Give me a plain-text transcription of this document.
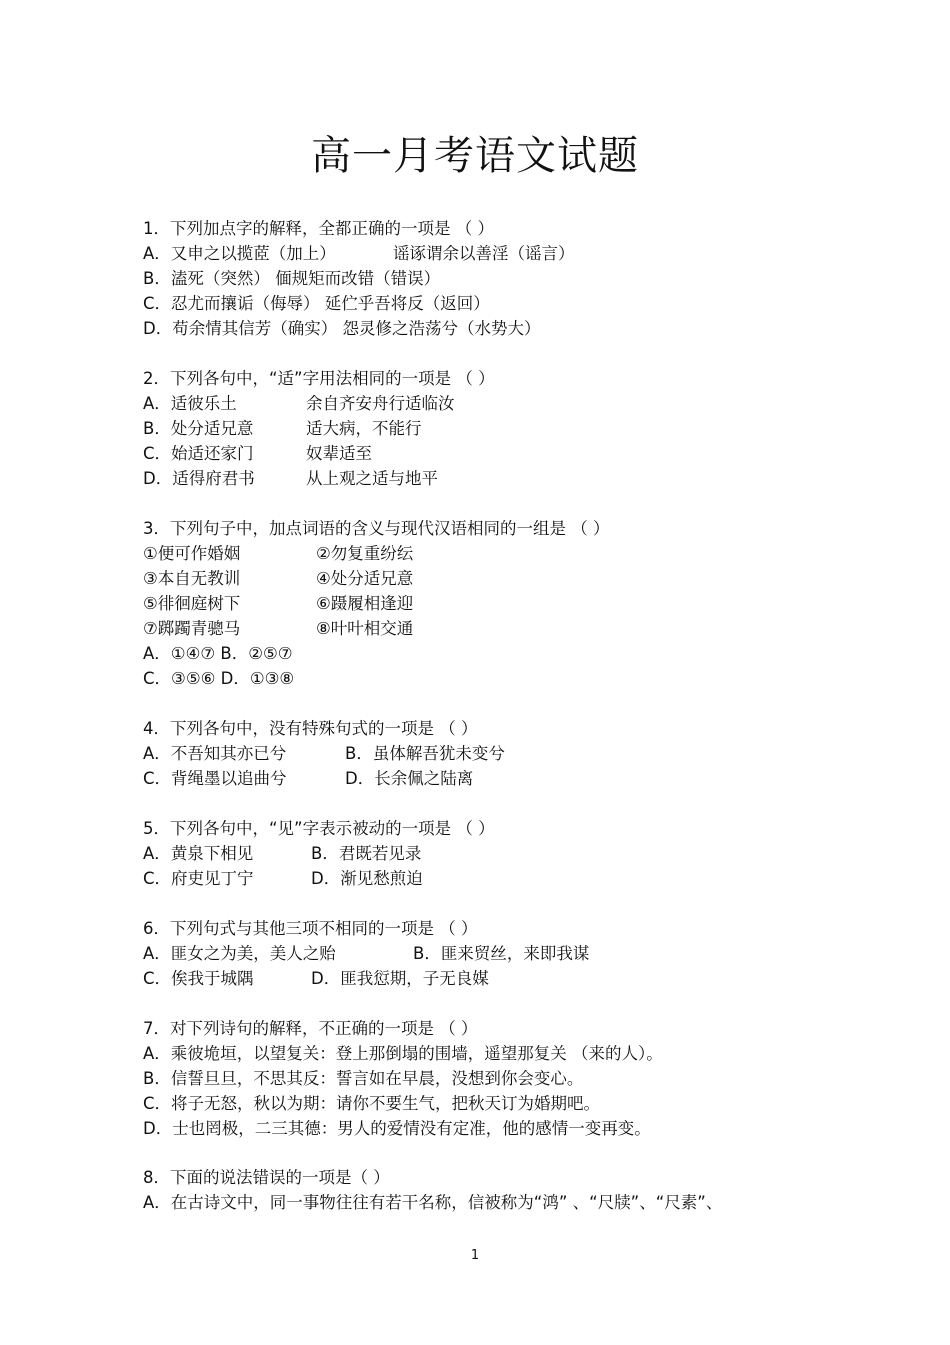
高一月考语文试题
1．下列加点字的解释，全都正确的一项是 （ ）
A．又申之以揽茝（加上）	谣诼谓余以善淫（谣言）
B．溘死（突然） 偭规矩而改错（错误）
C．忍尤而攘诟（侮辱） 延伫乎吾将反（返回）
D．苟余情其信芳（确实） 怨灵修之浩荡兮（水势大）
2．下列各句中，“适”字用法相同的一项是 （ ）
A．适彼乐土	余自齐安舟行适临汝
B．处分适兄意	适大病，不能行
C．始适还家门	奴辈适至
D．适得府君书	从上观之适与地平
3．下列句子中，加点词语的含义与现代汉语相同的一组是 （ ）
①便可作婚姻	②勿复重纷纭
③本自无教训	④处分适兄意
⑤徘徊庭树下	⑥蹑履相逢迎
⑦踯躅青骢马	⑧叶叶相交通
A．①④⑦ B．②⑤⑦
C．③⑤⑥ D．①③⑧
4．下列各句中，没有特殊句式的一项是 （ ）
A．不吾知其亦已兮	B．虽体解吾犹未变兮
C．背绳墨以追曲兮	D．长余佩之陆离
5．下列各句中，“见”字表示被动的一项是 （ ）
A．黄泉下相见	B．君既若见录
C．府吏见丁宁	D．渐见愁煎迫
6．下列句式与其他三项不相同的一项是 （ ）
A．匪女之为美，美人之贻	B．匪来贸丝，来即我谋
C．俟我于城隅	D．匪我愆期，子无良媒
7．对下列诗句的解释，不正确的一项是 （ ）
A．乘彼垝垣，以望复关：登上那倒塌的围墙，遥望那复关 （来的人）。
B．信誓旦旦，不思其反：誓言如在早晨，没想到你会变心。
C．将子无怒，秋以为期：请你不要生气，把秋天订为婚期吧。
D．士也罔极，二三其德：男人的爱情没有定准，他的感情一变再变。
8．下面的说法错误的一项是（ ）
A．在古诗文中，同一事物往往有若干名称，信被称为“鸿” 、“尺牍”、“尺素”、
1
